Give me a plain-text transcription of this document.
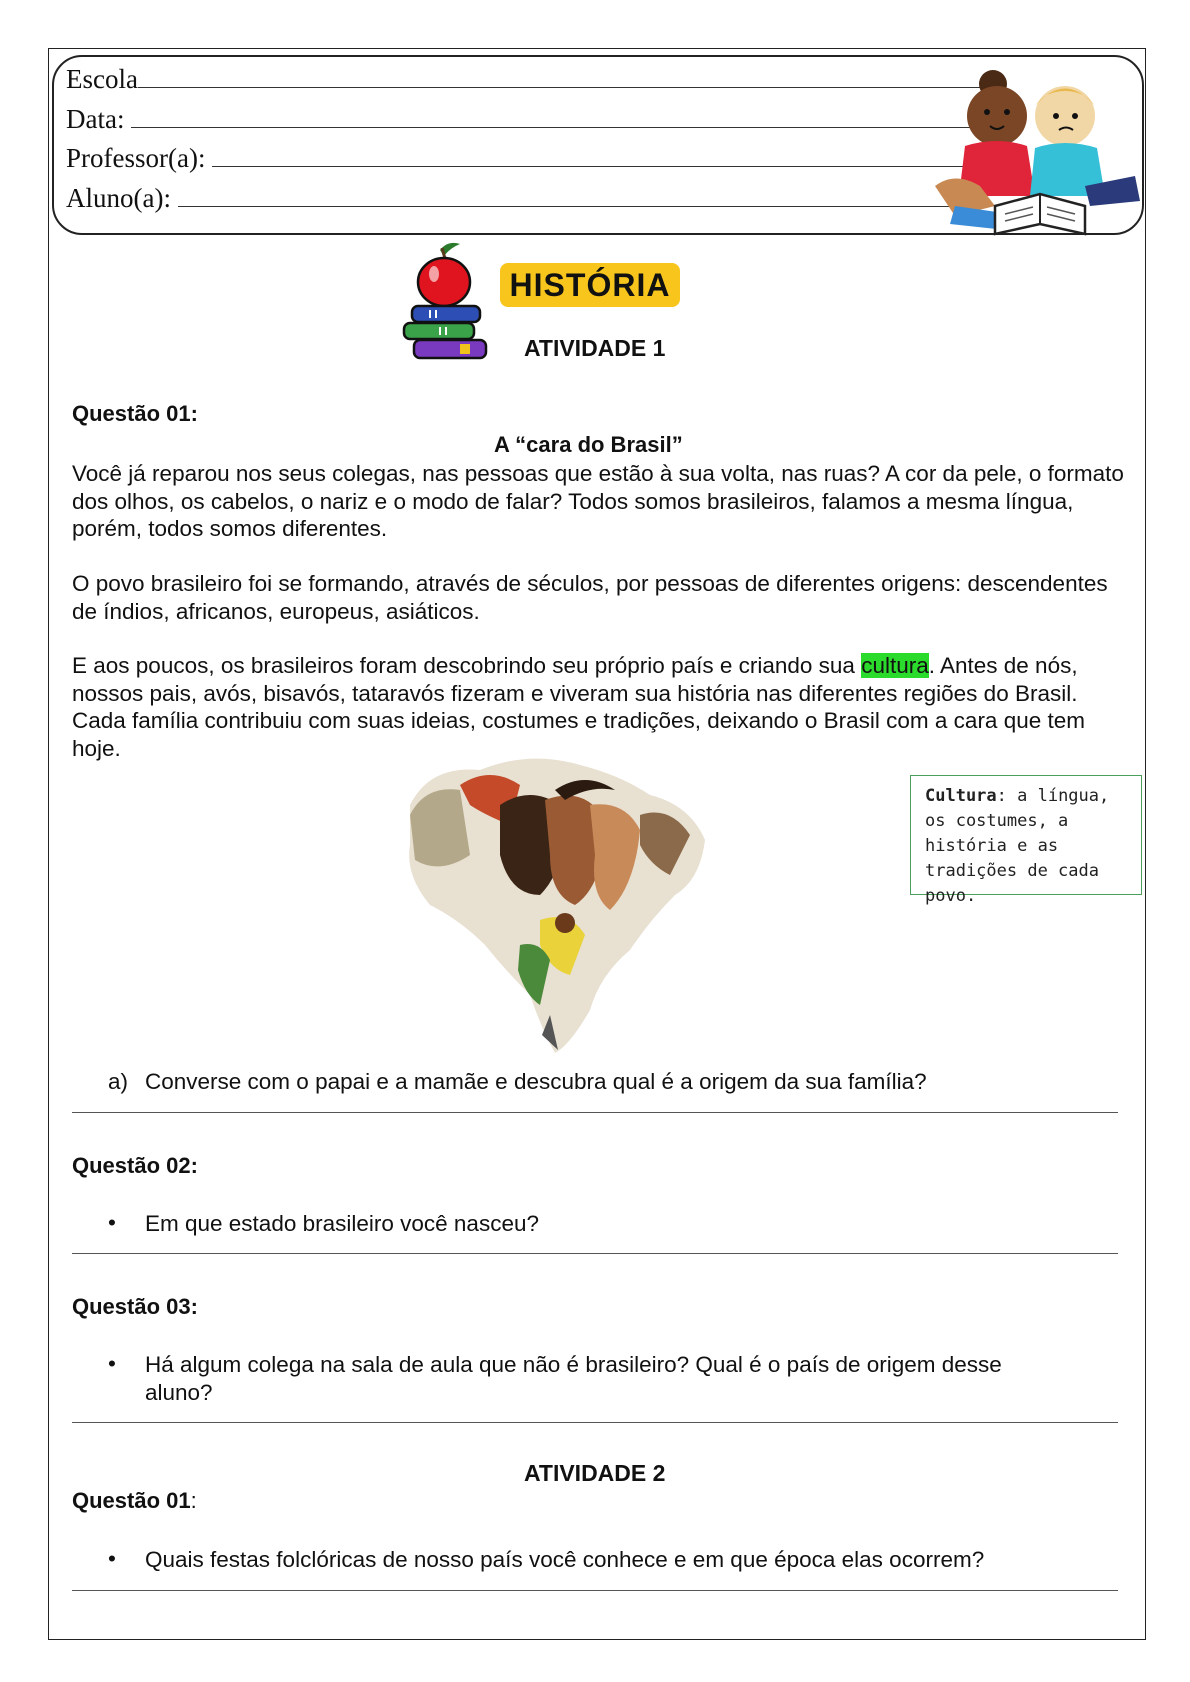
Escola
Data:
Professor(a):
Aluno(a):
HISTÓRIA
ATIVIDADE 1
Questão 01:
A “cara do Brasil”
Você já reparou nos seus colegas, nas pessoas que estão à sua volta, nas ruas? A cor da pele, o formato dos olhos, os cabelos, o nariz e o modo de falar? Todos somos brasileiros, falamos a mesma língua, porém, todos somos diferentes.
O povo brasileiro foi se formando, através de séculos, por pessoas de diferentes origens: descendentes de índios, africanos, europeus, asiáticos.
E aos poucos, os brasileiros foram descobrindo seu próprio país e criando sua cultura. Antes de nós, nossos pais, avós, bisavós, tataravós fizeram e viveram sua história nas diferentes regiões do Brasil. Cada família contribuiu com suas ideias, costumes e tradições, deixando o Brasil com a cara que tem hoje.
Cultura: a língua, os costumes, a história e as tradições de cada povo.
a) Converse com o papai e a mamãe e descubra qual é a origem da sua família?
Questão 02:
• Em que estado brasileiro você nasceu?
Questão 03:
• Há algum colega na sala de aula que não é brasileiro? Qual é o país de origem desse aluno?
ATIVIDADE 2
Questão 01:
• Quais festas folclóricas de nosso país você conhece e em que época elas ocorrem?
